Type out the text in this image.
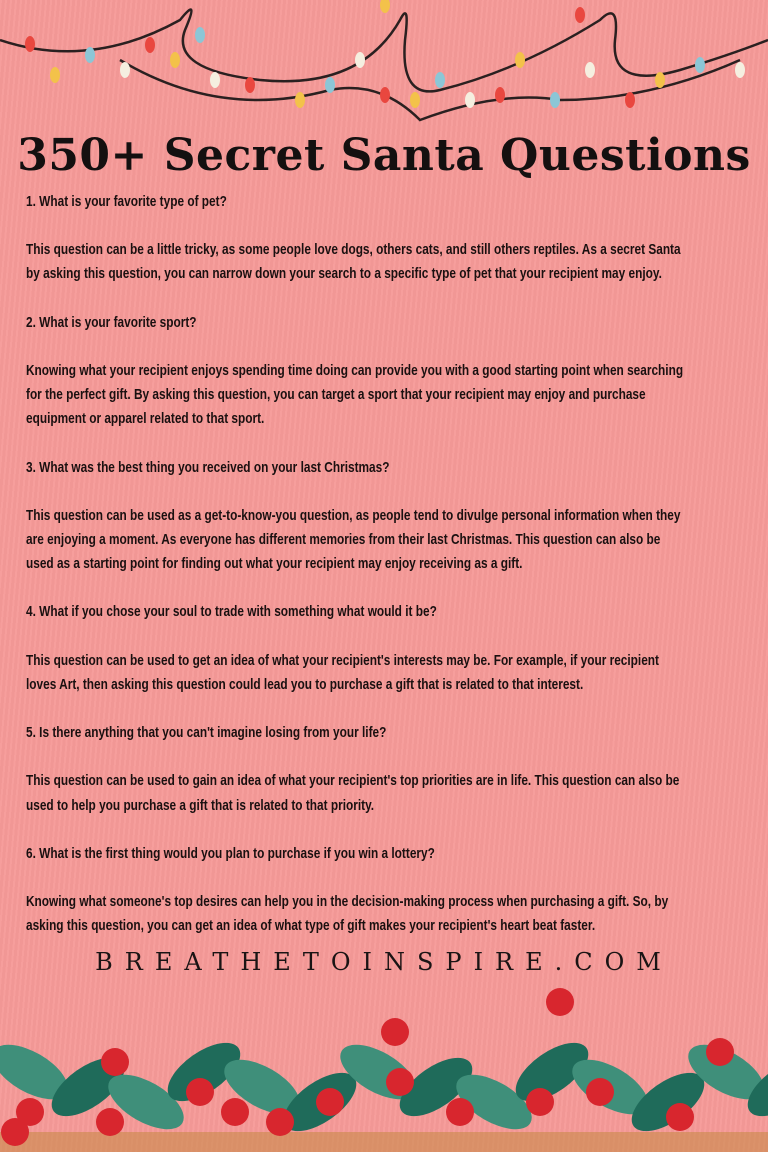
350+ Secret Santa Questions
1. What is your favorite type of pet?
This question can be a little tricky, as some people love dogs, others cats, and still others reptiles. As a secret Santa
by asking this question, you can narrow down your search to a specific type of pet that your recipient may enjoy.
2. What is your favorite sport?
Knowing what your recipient enjoys spending time doing can provide you with a good starting point when searching
for the perfect gift. By asking this question, you can target a sport that your recipient may enjoy and purchase
equipment or apparel related to that sport.
3. What was the best thing you received on your last Christmas?
This question can be used as a get-to-know-you question, as people tend to divulge personal information when they
are enjoying a moment. As everyone has different memories from their last Christmas. This question can also be
used as a starting point for finding out what your recipient may enjoy receiving as a gift.
4. What if you chose your soul to trade with something what would it be?
This question can be used to get an idea of what your recipient's interests may be. For example, if your recipient
loves Art, then asking this question could lead you to purchase a gift that is related to that interest.
5. Is there anything that you can't imagine losing from your life?
This question can be used to gain an idea of what your recipient's top priorities are in life. This question can also be
used to help you purchase a gift that is related to that priority.
6. What is the first thing would you plan to purchase if you win a lottery?
Knowing what someone's top desires can help you in the decision-making process when purchasing a gift. So, by
asking this question, you can get an idea of what type of gift makes your recipient's heart beat faster.
BREATHETOINSPIRE.COM
